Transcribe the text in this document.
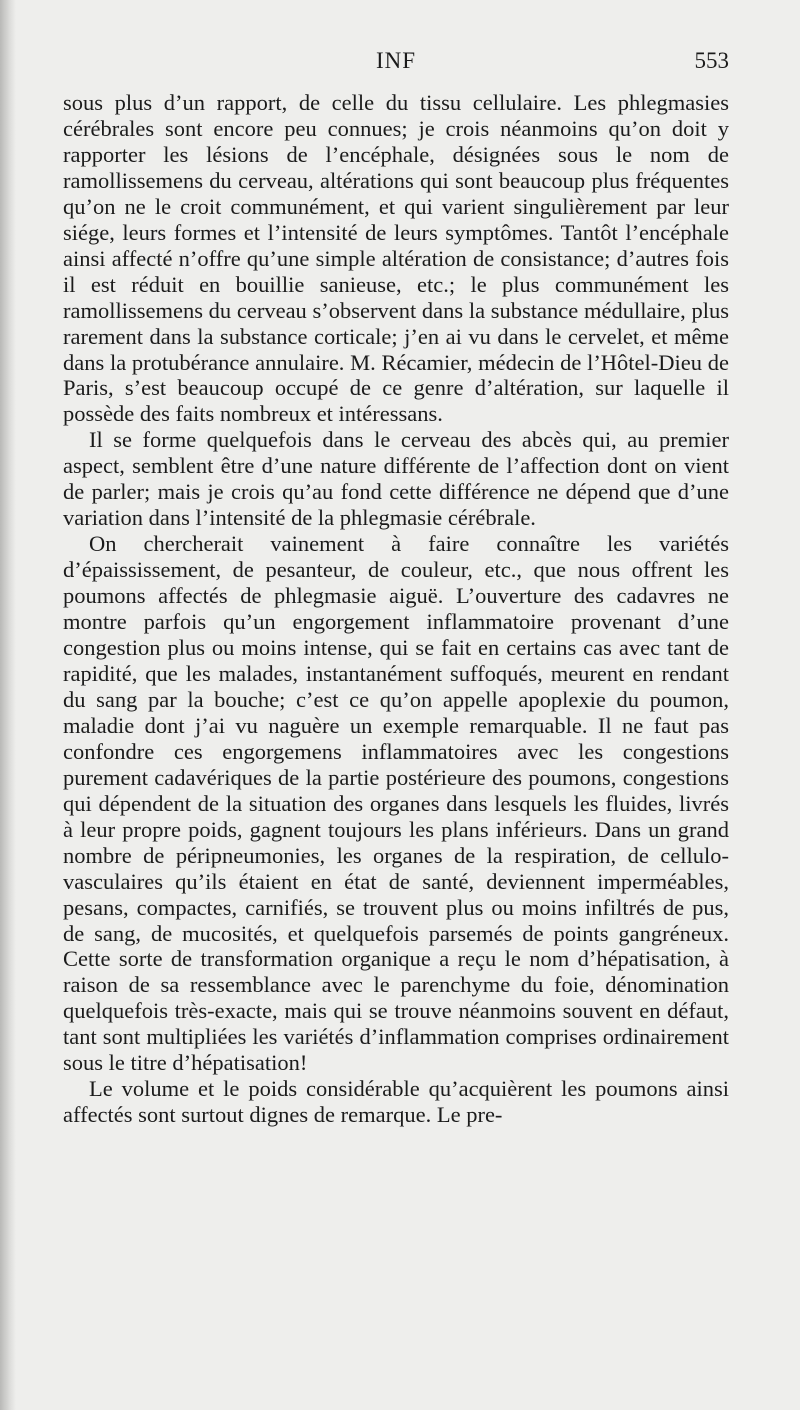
INF	553

sous plus d’un rapport, de celle du tissu cellulaire. Les phlegmasies cérébrales sont encore peu connues; je crois néanmoins qu’on doit y rapporter les lésions de l’encéphale, désignées sous le nom de ramollissemens du cerveau, altérations qui sont beaucoup plus fréquentes qu’on ne le croit communément, et qui varient singulièrement par leur siége, leurs formes et l’intensité de leurs symptômes. Tantôt l’encéphale ainsi affecté n’offre qu’une simple altération de consistance; d’autres fois il est réduit en bouillie sanieuse, etc.; le plus communément les ramollissemens du cerveau s’observent dans la substance médullaire, plus rarement dans la substance corticale; j’en ai vu dans le cervelet, et même dans la protubérance annulaire. M. Récamier, médecin de l’Hôtel-Dieu de Paris, s’est beaucoup occupé de ce genre d’altération, sur laquelle il possède des faits nombreux et intéressans.

Il se forme quelquefois dans le cerveau des abcès qui, au premier aspect, semblent être d’une nature différente de l’affection dont on vient de parler; mais je crois qu’au fond cette différence ne dépend que d’une variation dans l’intensité de la phlegmasie cérébrale.

On chercherait vainement à faire connaître les variétés d’épaississement, de pesanteur, de couleur, etc., que nous offrent les poumons affectés de phlegmasie aiguë. L’ouverture des cadavres ne montre parfois qu’un engorgement inflammatoire provenant d’une congestion plus ou moins intense, qui se fait en certains cas avec tant de rapidité, que les malades, instantanément suffoqués, meurent en rendant du sang par la bouche; c’est ce qu’on appelle apoplexie du poumon, maladie dont j’ai vu naguère un exemple remarquable. Il ne faut pas confondre ces engorgemens inflammatoires avec les congestions purement cadavériques de la partie postérieure des poumons, congestions qui dépendent de la situation des organes dans lesquels les fluides, livrés à leur propre poids, gagnent toujours les plans inférieurs. Dans un grand nombre de péripneumonies, les organes de la respiration, de cellulo-vasculaires qu’ils étaient en état de santé, deviennent imperméables, pesans, compactes, carnifiés, se trouvent plus ou moins infiltrés de pus, de sang, de mucosités, et quelquefois parsemés de points gangréneux. Cette sorte de transformation organique a reçu le nom d’hépatisation, à raison de sa ressemblance avec le parenchyme du foie, dénomination quelquefois très-exacte, mais qui se trouve néanmoins souvent en défaut, tant sont multipliées les variétés d’inflammation comprises ordinairement sous le titre d’hépatisation!

Le volume et le poids considérable qu’acquièrent les poumons ainsi affectés sont surtout dignes de remarque. Le pre-
